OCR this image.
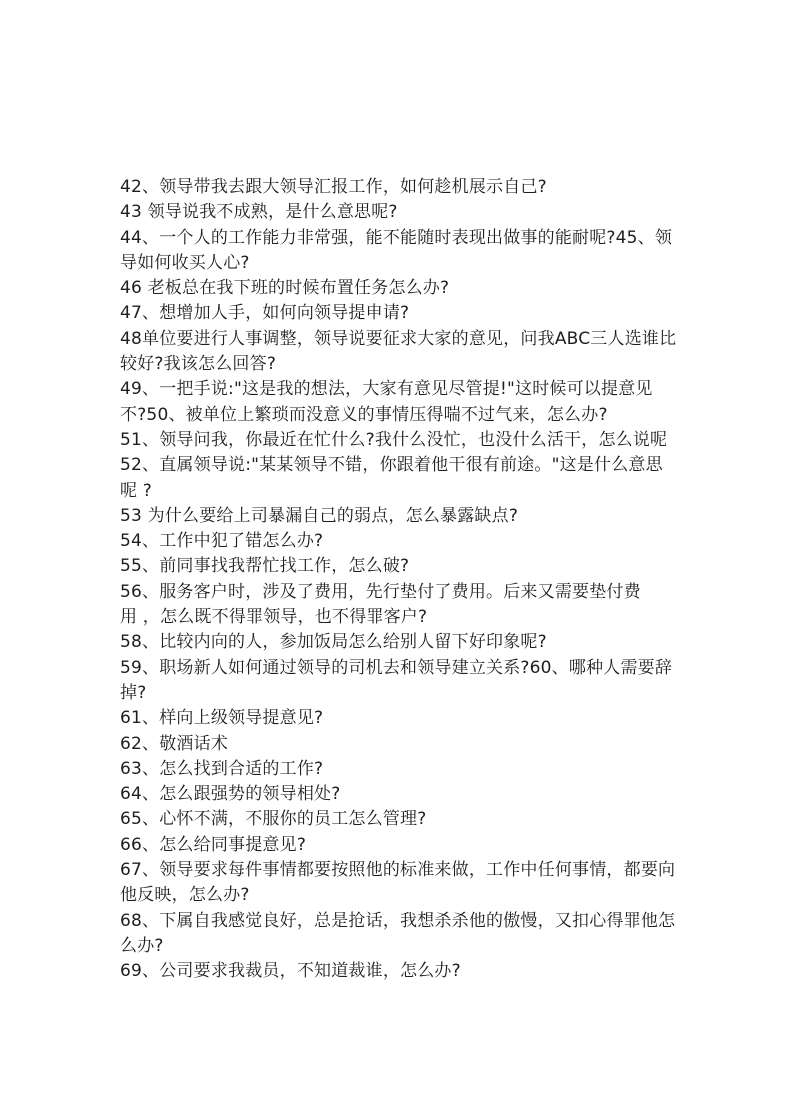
42、领导带我去跟大领导汇报工作，如何趁机展示自己?
43 领导说我不成熟，是什么意思呢?
44、一个人的工作能力非常强，能不能随时表现出做事的能耐呢?45、领
导如何收买人心?
46 老板总在我下班的时候布置任务怎么办?
47、想增加人手，如何向领导提申请?
48单位要进行人事调整，领导说要征求大家的意见，问我ABC三人选谁比
较好?我该怎么回答?
49、一把手说:"这是我的想法，大家有意见尽管提!"这时候可以提意见
不?50、被单位上繁琐而没意义的事情压得喘不过气来，怎么办?
51、领导问我，你最近在忙什么?我什么没忙，也没什么活干，怎么说呢
52、直属领导说:"某某领导不错，你跟着他干很有前途。"这是什么意思
呢 ?
53 为什么要给上司暴漏自己的弱点，怎么暴露缺点?
54、工作中犯了错怎么办?
55、前同事找我帮忙找工作，怎么破?
56、服务客户时，涉及了费用，先行垫付了费用。后来又需要垫付费
用 ，怎么既不得罪领导，也不得罪客户?
58、比较内向的人，参加饭局怎么给别人留下好印象呢?
59、职场新人如何通过领导的司机去和领导建立关系?60、哪种人需要辞
掉?
61、样向上级领导提意见?
62、敬酒话术
63、怎么找到合适的工作?
64、怎么跟强势的领导相处?
65、心怀不满，不服你的员工怎么管理?
66、怎么给同事提意见?
67、领导要求每件事情都要按照他的标准来做，工作中任何事情，都要向
他反映，怎么办?
68、下属自我感觉良好，总是抢话，我想杀杀他的傲慢，又扣心得罪他怎
么办?
69、公司要求我裁员，不知道裁谁，怎么办?
